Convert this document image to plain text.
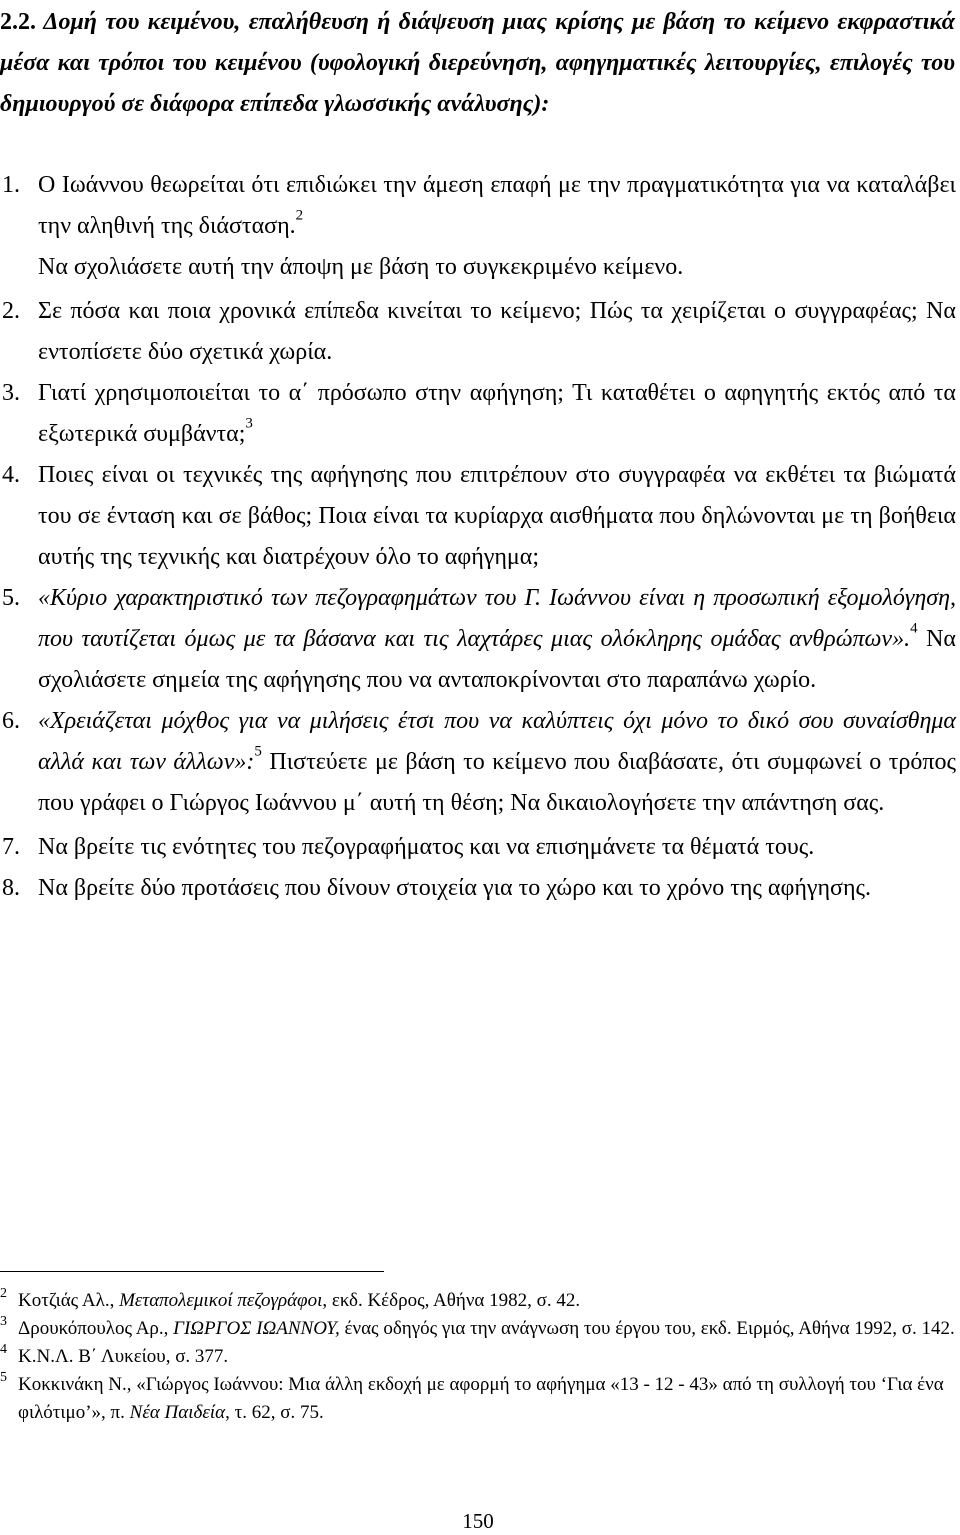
2.2. Δομή του κειμένου, επαλήθευση ή διάψευση μιας κρίσης με βάση το κείμενο εκφραστικά μέσα και τρόποι του κειμένου (υφολογική διερεύνηση, αφηγηματικές λειτουργίες, επιλογές του δημιουργού σε διάφορα επίπεδα γλωσσικής ανάλυσης):
1. Ο Ιωάννου θεωρείται ότι επιδιώκει την άμεση επαφή με την πραγματικότητα για να καταλάβει την αληθινή της διάσταση.$^2$
Να σχολιάσετε αυτή την άποψη με βάση το συγκεκριμένο κείμενο.
2. Σε πόσα και ποια χρονικά επίπεδα κινείται το κείμενο; Πώς τα χειρίζεται ο συγγραφέας; Να εντοπίσετε δύο σχετικά χωρία.
3. Γιατί χρησιμοποιείται το α΄ πρόσωπο στην αφήγηση; Τι καταθέτει ο αφηγητής εκτός από τα εξωτερικά συμβάντα;$^3$
4. Ποιες είναι οι τεχνικές της αφήγησης που επιτρέπουν στο συγγραφέα να εκθέτει τα βιώματά του σε ένταση και σε βάθος; Ποια είναι τα κυρίαρχα αισθήματα που δηλώνονται με τη βοήθεια αυτής της τεχνικής και διατρέχουν όλο το αφήγημα;
5. «Κύριο χαρακτηριστικό των πεζογραφημάτων του Γ. Ιωάννου είναι η προσωπική εξομολόγηση, που ταυτίζεται όμως με τα βάσανα και τις λαχτάρες μιας ολόκληρης ομάδας ανθρώπων».$^4$ Να σχολιάσετε σημεία της αφήγησης που να ανταποκρίνονται στο παραπάνω χωρίο.
6. «Χρειάζεται μόχθος για να μιλήσεις έτσι που να καλύπτεις όχι μόνο το δικό σου συναίσθημα αλλά και των άλλων»:$^5$ Πιστεύετε με βάση το κείμενο που διαβάσατε, ότι συμφωνεί ο τρόπος που γράφει ο Γιώργος Ιωάννου μ΄ αυτή τη θέση; Να δικαιολογήσετε την απάντηση σας.
7. Να βρείτε τις ενότητες του πεζογραφήματος και να επισημάνετε τα θέματά τους.
8. Να βρείτε δύο προτάσεις που δίνουν στοιχεία για το χώρο και το χρόνο της αφήγησης.
2 Κοτζιάς Αλ., Μεταπολεμικοί πεζογράφοι, εκδ. Κέδρος, Αθήνα 1982, σ. 42.
3 Δρουκόπουλος Αρ., ΓΙΩΡΓΟΣ ΙΩΑΝΝΟΥ, ένας οδηγός για την ανάγνωση του έργου του, εκδ. Ειρμός, Αθήνα 1992, σ. 142.
4 Κ.Ν.Λ. Β΄ Λυκείου, σ. 377.
5 Κοκκινάκη Ν., «Γιώργος Ιωάννου: Μια άλλη εκδοχή με αφορμή το αφήγημα «13 - 12 - 43» από τη συλλογή του ‘Για ένα φιλότιμο’», π. Νέα Παιδεία, τ. 62, σ. 75.
150
